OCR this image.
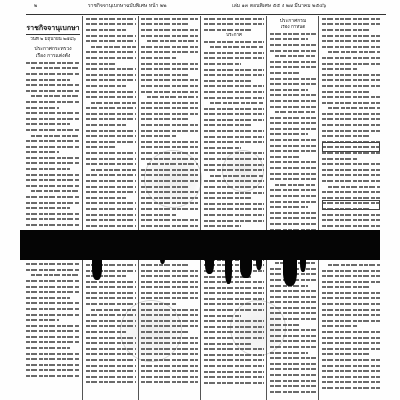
๒	ราชกิจจานุเบกษา ฉบับพิเศษ หน้า ๒๒	เล่ม ๑๓ ตอนพิเศษ ๕๕ ง ๒๗ มีนาคม ๒๕๔๖
ราชกิจจานุเบกษา
วันที่ ๒ มิถุนายน ๒๕๔๖
ประกาศกระทรวง
เรื่อง การแต่งตั้ง
ประกาศ
ประกาศกรม
เรื่อง กำหนด
